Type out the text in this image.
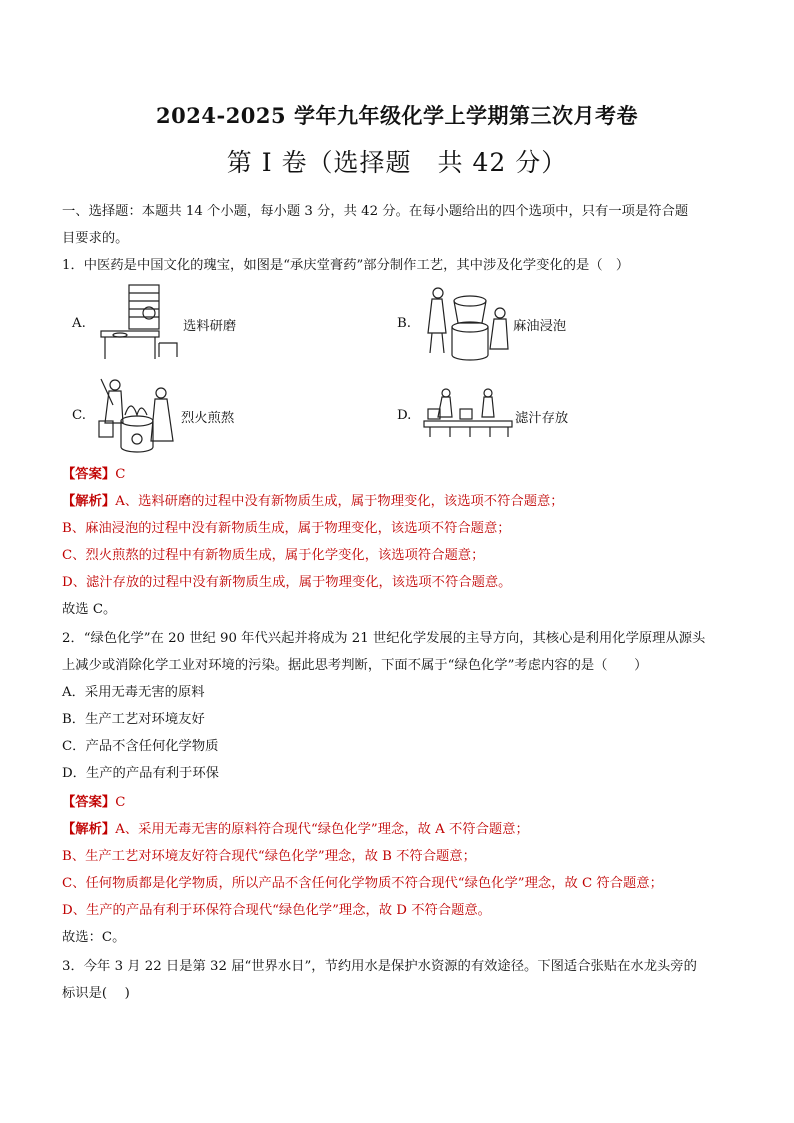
2024-2025 学年九年级化学上学期第三次月考卷
第 I 卷（选择题　共 42 分）
一、选择题：本题共 14 个小题，每小题 3 分，共 42 分。在每小题给出的四个选项中，只有一项是符合题
目要求的。
1．中医药是中国文化的瑰宝，如图是“承庆堂膏药”部分制作工艺，其中涉及化学变化的是（　）
A.	选料研磨	B.	麻油浸泡
C.	烈火煎熬	D.	滤汁存放
【答案】C
【解析】A、选料研磨的过程中没有新物质生成，属于物理变化，该选项不符合题意；
B、麻油浸泡的过程中没有新物质生成，属于物理变化，该选项不符合题意；
C、烈火煎熬的过程中有新物质生成，属于化学变化，该选项符合题意；
D、滤汁存放的过程中没有新物质生成，属于物理变化，该选项不符合题意。
故选 C。
2．“绿色化学”在 20 世纪 90 年代兴起并将成为 21 世纪化学发展的主导方向，其核心是利用化学原理从源头
上减少或消除化学工业对环境的污染。据此思考判断，下面不属于“绿色化学”考虑内容的是（　　）
A．采用无毒无害的原料
B．生产工艺对环境友好
C．产品不含任何化学物质
D．生产的产品有利于环保
【答案】C
【解析】A、采用无毒无害的原料符合现代“绿色化学”理念，故 A 不符合题意；
B、生产工艺对环境友好符合现代“绿色化学”理念，故 B 不符合题意；
C、任何物质都是化学物质，所以产品不含任何化学物质不符合现代“绿色化学”理念，故 C 符合题意；
D、生产的产品有利于环保符合现代“绿色化学”理念，故 D 不符合题意。
故选：C。
3．今年 3 月 22 日是第 32 届“世界水日”，节约用水是保护水资源的有效途径。下图适合张贴在水龙头旁的
标识是(　 )
